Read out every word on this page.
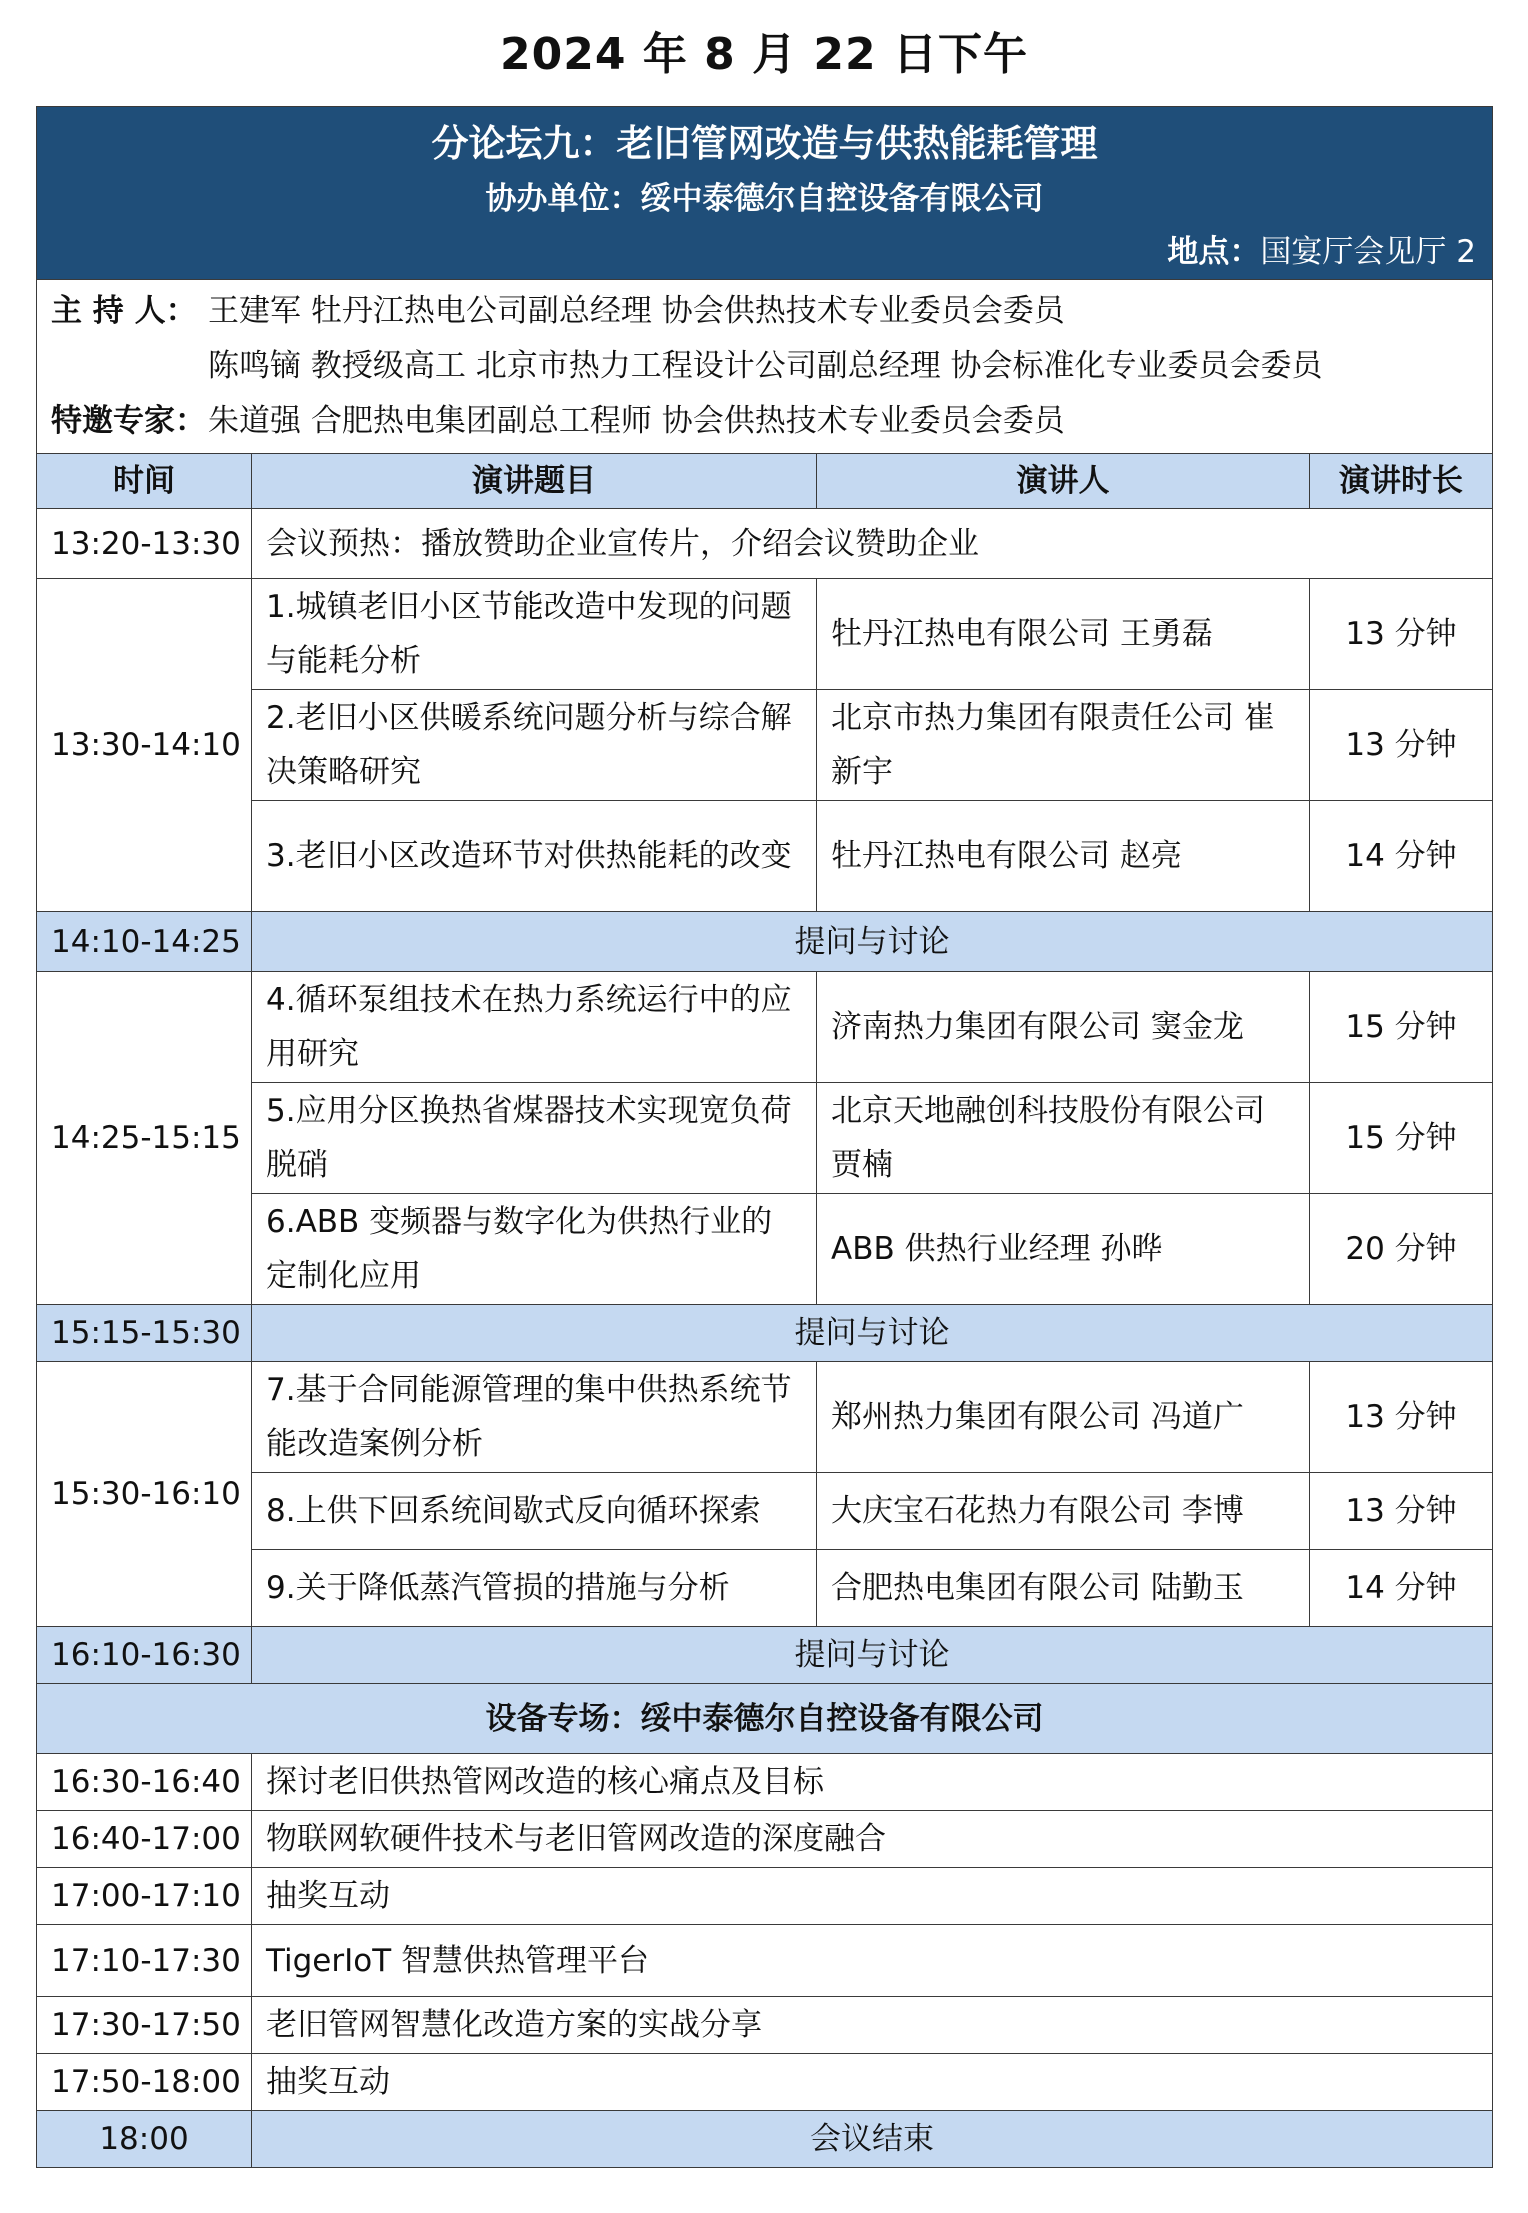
2024 年 8 月 22 日下午
分论坛九：老旧管网改造与供热能耗管理
协办单位：绥中泰德尔自控设备有限公司
地点：国宴厅会见厅 2			

主 持 人： 王建军 牡丹江热电公司副总经理 协会供热技术专业委员会委员
陈鸣镝 教授级高工 北京市热力工程设计公司副总经理 协会标准化专业委员会委员
特邀专家：朱道强 合肥热电集团副总工程师 协会供热技术专业委员会委员			

时间	演讲题目	演讲人	演讲时长
13:20-13:30	会议预热：播放赞助企业宣传片，介绍会议赞助企业		
13:30-14:10	1.城镇老旧小区节能改造中发现的问题与能耗分析	牡丹江热电有限公司 王勇磊	13 分钟
	2.老旧小区供暖系统问题分析与综合解决策略研究	北京市热力集团有限责任公司 崔新宇	13 分钟
	3.老旧小区改造环节对供热能耗的改变	牡丹江热电有限公司 赵亮	14 分钟
14:10-14:25	提问与讨论		
14:25-15:15	4.循环泵组技术在热力系统运行中的应用研究	济南热力集团有限公司 窦金龙	15 分钟
	5.应用分区换热省煤器技术实现宽负荷脱硝	北京天地融创科技股份有限公司 贾楠	15 分钟
	6.ABB 变频器与数字化为供热行业的定制化应用	ABB 供热行业经理 孙晔	20 分钟
15:15-15:30	提问与讨论		
15:30-16:10	7.基于合同能源管理的集中供热系统节能改造案例分析	郑州热力集团有限公司 冯道广	13 分钟
	8.上供下回系统间歇式反向循环探索	大庆宝石花热力有限公司 李博	13 分钟
	9.关于降低蒸汽管损的措施与分析	合肥热电集团有限公司 陆勤玉	14 分钟
16:10-16:30	提问与讨论		
设备专场：绥中泰德尔自控设备有限公司			
16:30-16:40	探讨老旧供热管网改造的核心痛点及目标		
16:40-17:00	物联网软硬件技术与老旧管网改造的深度融合		
17:00-17:10	抽奖互动		
17:10-17:30	TigerIoT 智慧供热管理平台		
17:30-17:50	老旧管网智慧化改造方案的实战分享		
17:50-18:00	抽奖互动		
18:00	会议结束		
